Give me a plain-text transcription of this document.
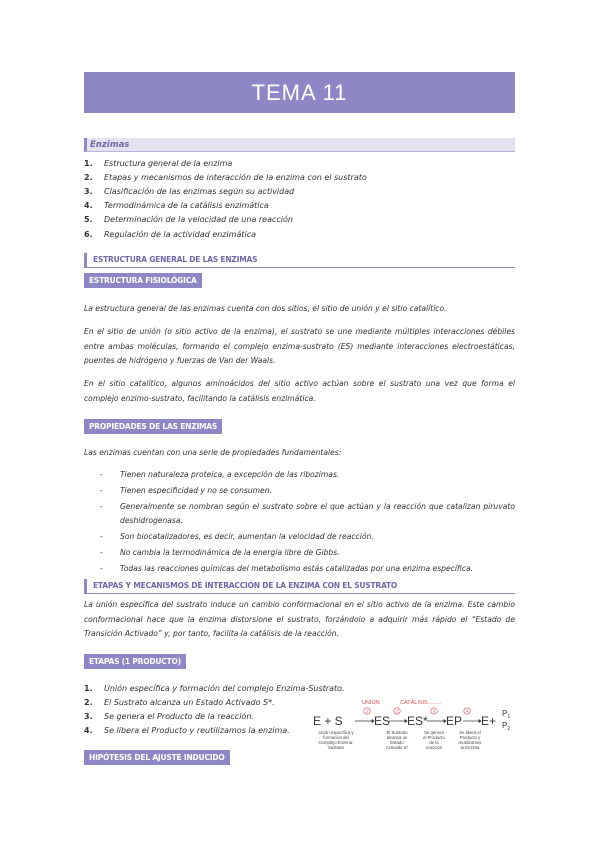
TEMA 11
Enzimas
1.	Estructura general de la enzima
2.	Etapas y mecanismos de interacción de la enzima con el sustrato
3.	Clasificación de las enzimas según su actividad
4.	Termodinámica de la catálisis enzimática
5.	Determinación de la velocidad de una reacción
6.	Regulación de la actividad enzimática
ESTRUCTURA GENERAL DE LAS ENZIMAS
ESTRUCTURA FISIOLÓGICA
La estructura general de las enzimas cuenta con dos sitios, el sitio de unión y el sitio catalítico.
En el sitio de unión (o sitio activo de la enzima), el sustrato se une mediante múltiples interacciones débiles entre ambas moléculas, formando el complejo enzima-sustrato (ES) mediante interacciones electroestáticas, puentes de hidrógeno y fuerzas de Van der Waals.
En el sitio catalítico, algunos aminoácidos del sitio activo actúan sobre el sustrato una vez que forma el complejo enzimo-sustrato, facilitando la catálisis enzimática.
PROPIEDADES DE LAS ENZIMAS
Las enzimas cuentan con una serie de propiedades fundamentales:
-	Tienen naturaleza proteica, a excepción de las ribozimas.
-	Tienen especificidad y no se consumen.
-	Generalmente se nombran según el sustrato sobre el que actúan y la reacción que catalizan piruvato deshidrogenasa.
-	Son biocatalizadores, es decir, aumentan la velocidad de reacción.
-	No cambia la termodinámica de la energía libre de Gibbs.
-	Todas las reacciones químicas del metabolismo estás catalizadas por una enzima específica.
ETAPAS Y MECANISMOS DE INTERACCIÓN DE LA ENZIMA CON EL SUSTRATO
La unión específica del sustrato induce un cambio conformacional en el sitio activo de la enzima. Este cambio conformacional hace que la enzima distorsione el sustrato, forzándolo a adquirir más rápido el “Estado de Transición Activado” y, por tanto, facilita la catálisis de la reacción.
ETAPAS (1 PRODUCTO)
1.	Unión específica y formación del complejo Enzima-Sustrato.
2.	El Sustrato alcanza un Estado Activado S*.
3.	Se genera el Producto de la reacción.
4.	Se libera el Producto y reutilizamos la enzima.
UNION	CATÁLISIS.........
1	2	3	4
E + S	ES ES* EP E+
$P_1$
$P_2$
Unión específica y
formación del
Complejo Enzima-
Sustrato
El Sustrato
alcanza un
Estado
Activado S*
Se genera
el Producto
de la
reacción
Se libera el
Producto y
reutilizamos
la Enzima
HIPÓTESIS DEL AJUSTE INDUCIDO
